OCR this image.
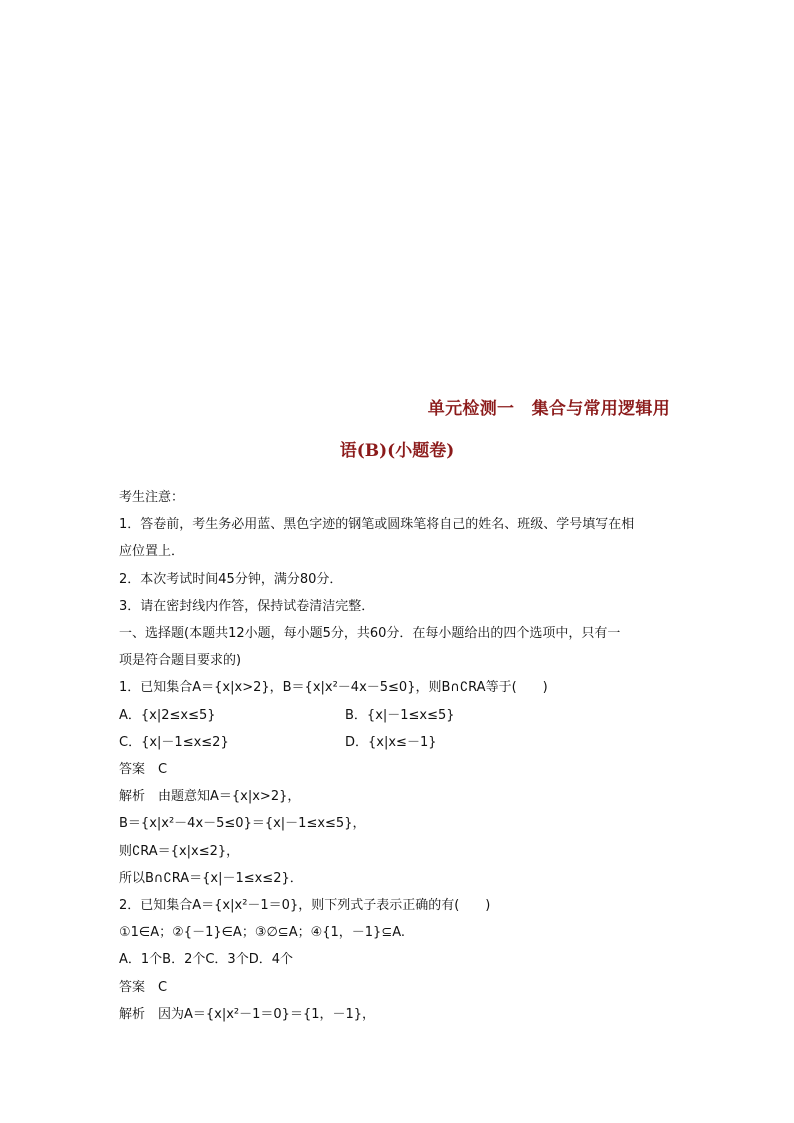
单元检测一　集合与常用逻辑用
语(B)(小题卷)
考生注意：
1．答卷前，考生务必用蓝、黑色字迹的钢笔或圆珠笔将自己的姓名、班级、学号填写在相
应位置上．
2．本次考试时间45分钟，满分80分．
3．请在密封线内作答，保持试卷清洁完整．
一、选择题(本题共12小题，每小题5分，共60分．在每小题给出的四个选项中，只有一
项是符合题目要求的)
1．已知集合A＝{x|x>2}，B＝{x|x²－4x－5≤0}，则B∩∁RA等于(　　)
A．{x|2≤x≤5}	B．{x|－1≤x≤5}
C．{x|－1≤x≤2}	D．{x|x≤－1}
答案　C
解析　由题意知A＝{x|x>2}，
B＝{x|x²－4x－5≤0}＝{x|－1≤x≤5}，
则∁RA＝{x|x≤2}，
所以B∩∁RA＝{x|－1≤x≤2}．
2．已知集合A＝{x|x²－1＝0}，则下列式子表示正确的有(　　)
①1∈A；②{－1}∈A；③∅⊆A；④{1，－1}⊆A.
A．1个B．2个C．3个D．4个
答案　C
解析　因为A＝{x|x²－1＝0}＝{1，－1}，
